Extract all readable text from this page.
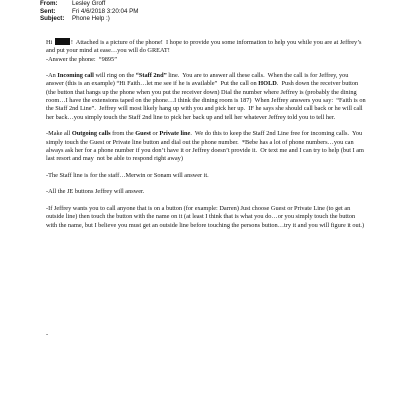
From:	Lesley Groff
Sent:	Fri 4/6/2018 3:20:04 PM
Subject:	Phone Help :)

Hi	!  Attached is a picture of the phone!  I hope to provide you some information to help you while you are at Jeffrey’s and put your mind at ease…you will do GREAT!
-Answer the phone:  “9895”

-An Incoming call will ring on the “Staff 2nd” line.  You are to answer all these calls.  When the call is for Jeffrey, you answer (this is an example) “Hi Faith…let me see if he is available”  Put the call on HOLD.  Push down the receiver button (the button that hangs up the phone when you put the receiver down) Dial the number where Jeffrey is (probably the dining room…I have the extensions taped on the phone…I think the dining room is 187)  When Jeffrey answers you say:  “Faith is on the Staff 2nd Line”.  Jeffrey will most likely hang up with you and pick her up.  IF he says she should call back or he will call her back…you simply touch the Staff 2nd line to pick her back up and tell her whatever Jeffrey told you to tell her.

-Make all Outgoing calls from the Guest or Private line.  We do this to keep the Staff 2nd Line free for incoming calls.  You simply touch the Guest or Private line button and dial out the phone number.  *Bebe has a lot of phone numbers…you can always ask her for a phone number if you don’t have it or Jeffrey doesn’t provide it.  Or text me and I can try to help (but I am last resort and may  not be able to respond right away)

-The Staff line is for the staff…Merwin or Sonam will answer it.

-All the JE buttons Jeffrey will answer.

-If Jeffrey wants you to call anyone that is on a button (for example: Darren) Just choose Guest or Private Line (to get an outside line) then touch the button with the name on it (at least I think that is what you do…or you simply touch the button with the name, but I believe you must get an outside line before touching the persons button…try it and you will figure it out.)

-
